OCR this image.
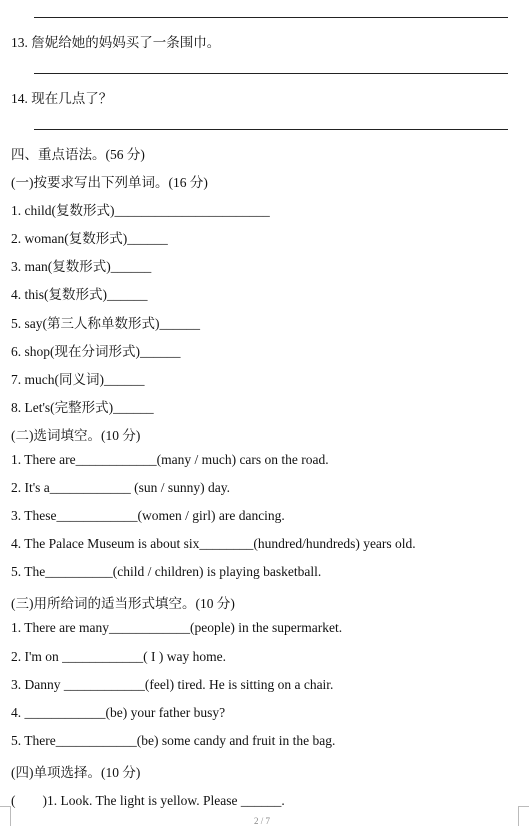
13. 詹妮给她的妈妈买了一条围巾。
14. 现在几点了？
四、重点语法。(56 分)
(一)按要求写出下列单词。(16 分)
1. child(复数形式)_______________________
2. woman(复数形式)______
3. man(复数形式)______
4. this(复数形式)______
5. say(第三人称单数形式)______
6. shop(现在分词形式)______
7. much(同义词)______
8. Let's(完整形式)______
(二)选词填空。(10 分)
1. There are____________(many / much) cars on the road.
2. It's a____________ (sun / sunny) day.
3. These____________(women / girl) are dancing.
4. The Palace Museum is about six________(hundred/hundreds) years old.
5. The__________(child / children) is playing basketball.
(三)用所给词的适当形式填空。(10 分)
1. There are many____________(people) in the supermarket.
2. I'm on ____________( I ) way home.
3. Danny ____________(feel) tired. He is sitting on a chair.
4. ____________(be) your father busy?
5. There____________(be) some candy and fruit in the bag.
(四)单项选择。(10 分)
(　　)1. Look. The light is yellow. Please ______.
2 / 7
